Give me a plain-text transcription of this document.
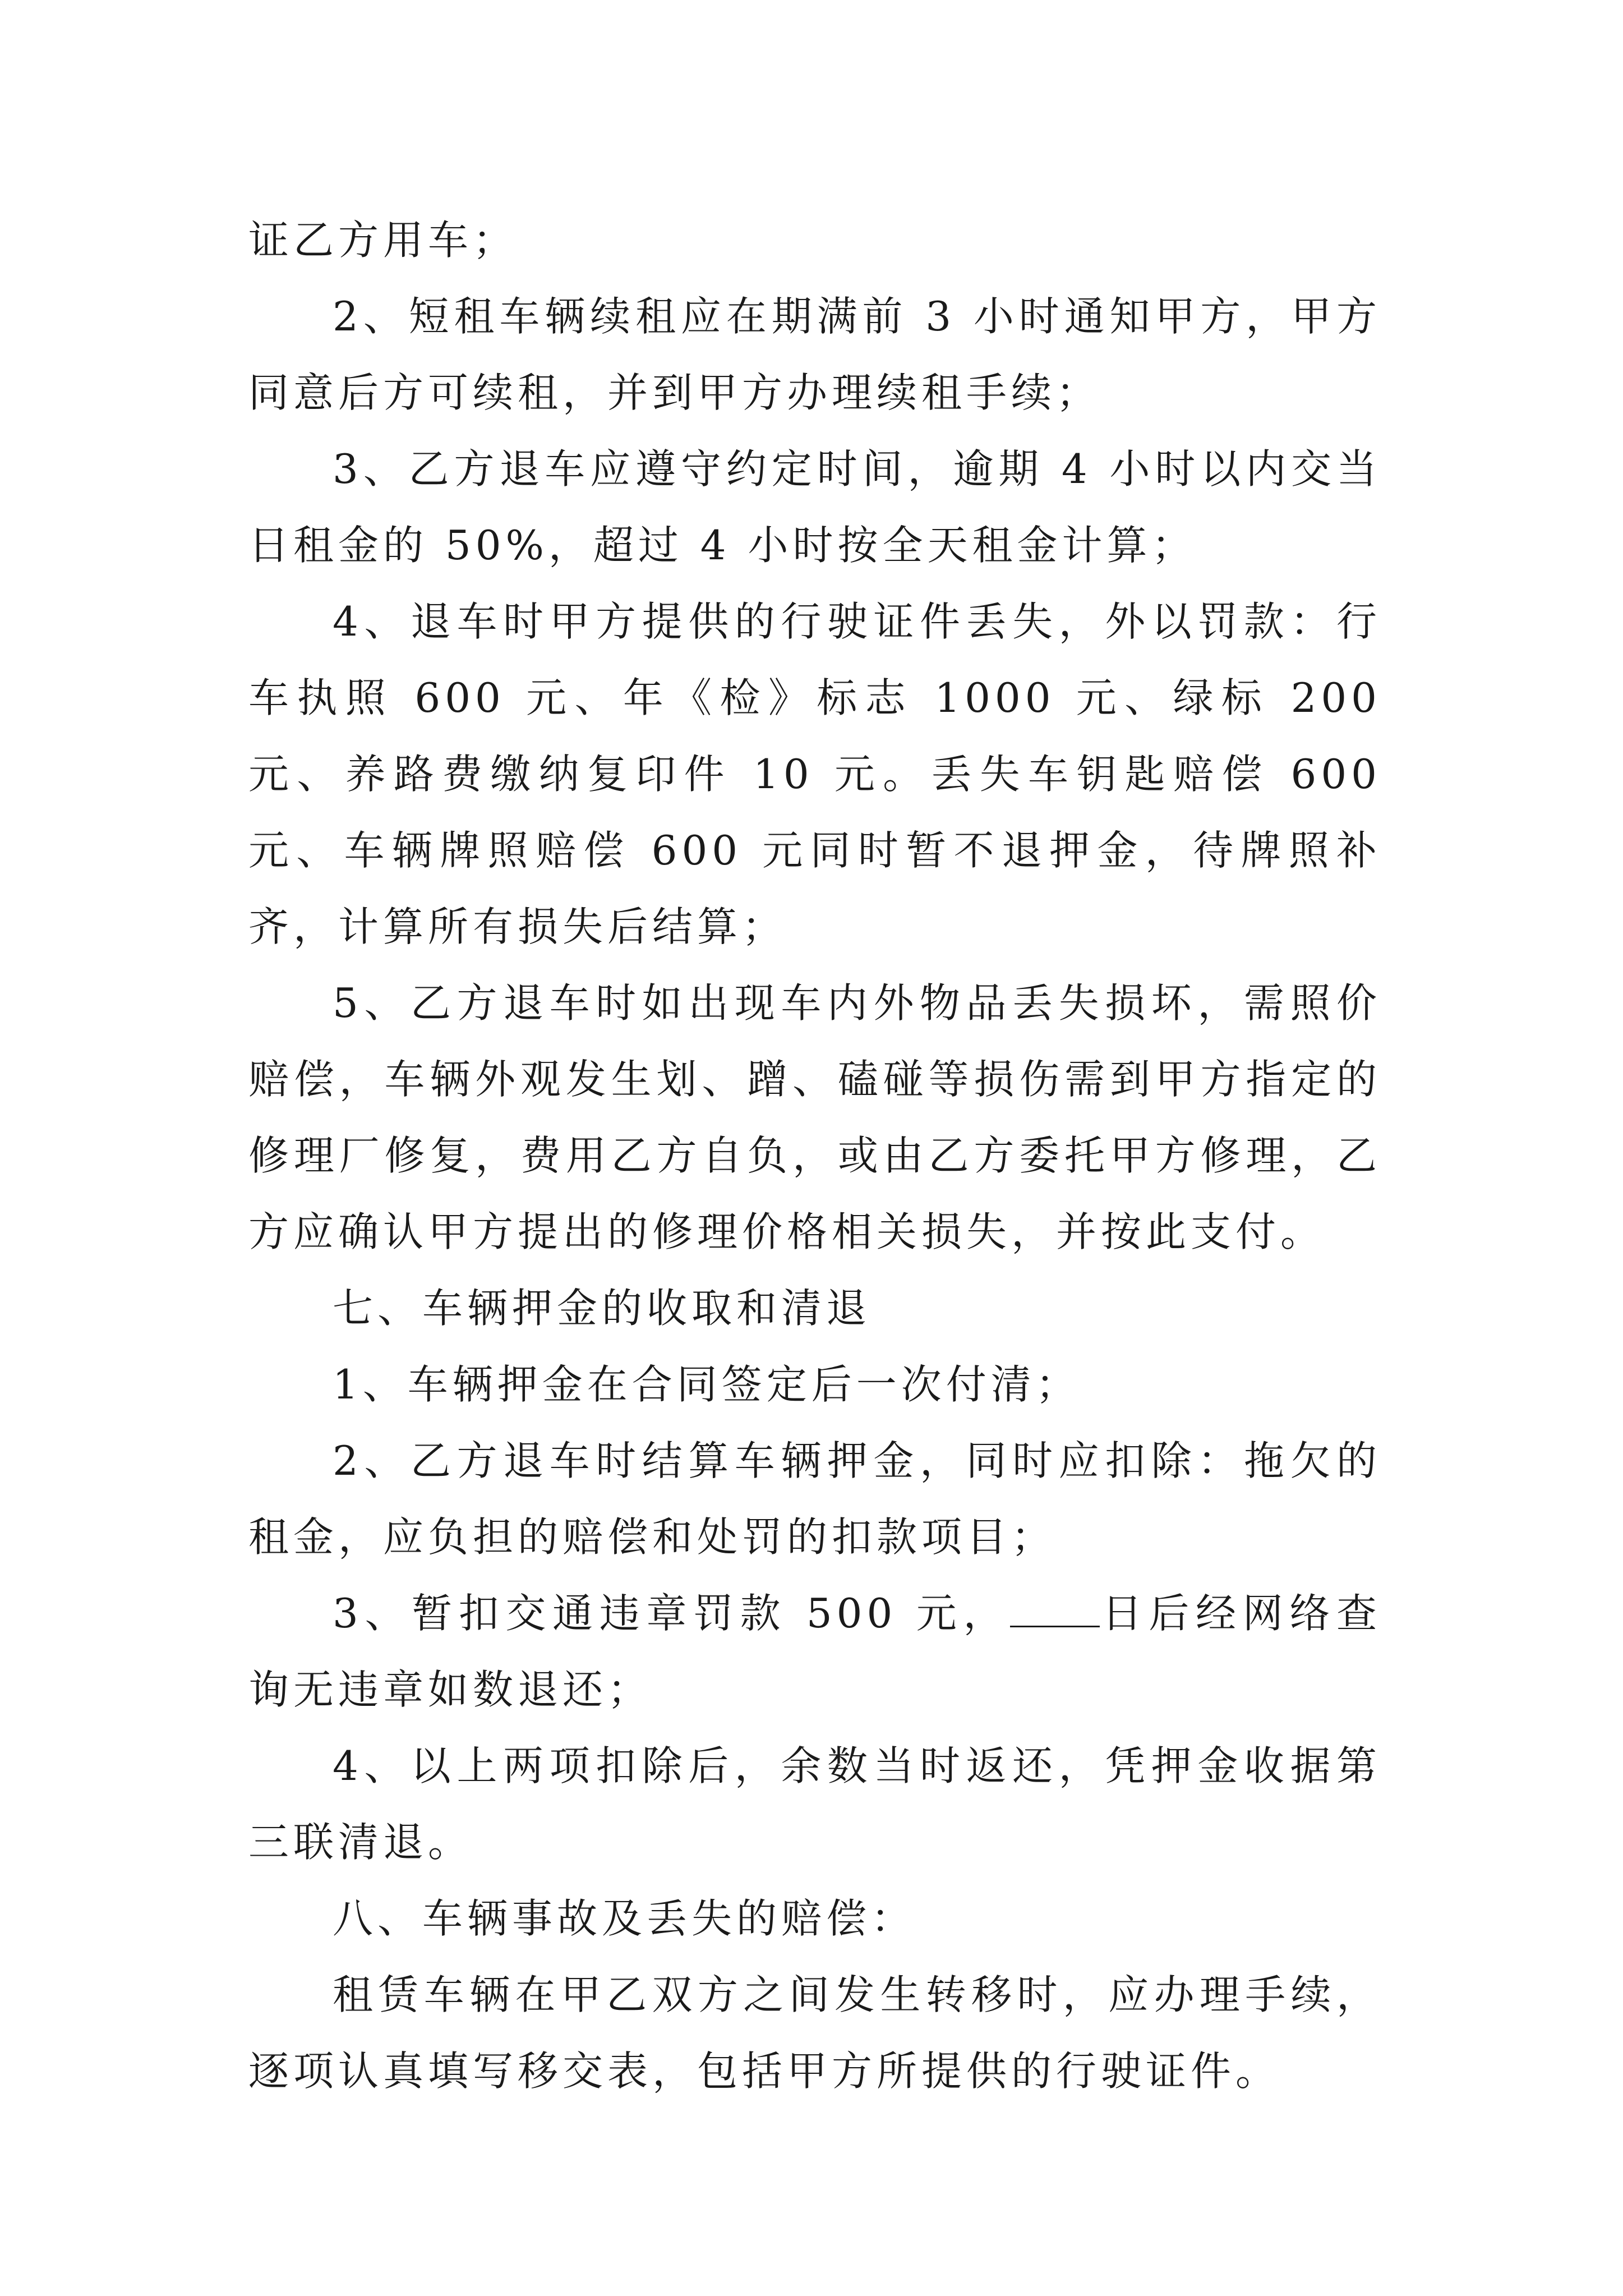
证乙方用车；

2、短租车辆续租应在期满前 3 小时通知甲方，甲方同意后方可续租，并到甲方办理续租手续；

3、乙方退车应遵守约定时间，逾期 4 小时以内交当日租金的 50%，超过 4 小时按全天租金计算；

4、退车时甲方提供的行驶证件丢失，外以罚款：行车执照 600 元、年《检》标志 1000 元、绿标 200 元、养路费缴纳复印件 10 元。丢失车钥匙赔偿 600 元、车辆牌照赔偿 600 元同时暂不退押金，待牌照补齐，计算所有损失后结算；

5、乙方退车时如出现车内外物品丢失损坏，需照价赔偿，车辆外观发生划、蹭、磕碰等损伤需到甲方指定的修理厂修复，费用乙方自负，或由乙方委托甲方修理，乙方应确认甲方提出的修理价格相关损失，并按此支付。

七、车辆押金的收取和清退

1、车辆押金在合同签定后一次付清；

2、乙方退车时结算车辆押金，同时应扣除：拖欠的租金，应负担的赔偿和处罚的扣款项目；

3、暂扣交通违章罚款 500 元， 日后经网络查询无违章如数退还；

4、以上两项扣除后，余数当时返还，凭押金收据第三联清退。

八、车辆事故及丢失的赔偿：

租赁车辆在甲乙双方之间发生转移时，应办理手续，逐项认真填写移交表，包括甲方所提供的行驶证件。
